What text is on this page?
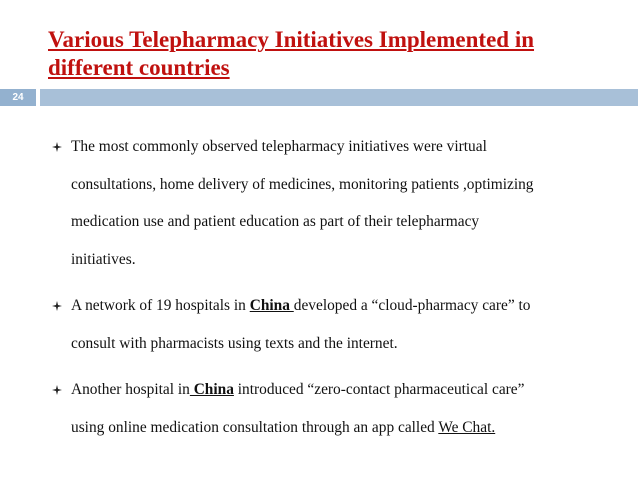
Various Telepharmacy Initiatives Implemented in
different countries
24

The most commonly observed telepharmacy initiatives were virtual

consultations, home delivery of medicines, monitoring patients ,optimizing

medication use and patient education as part of their telepharmacy

initiatives.

A network of 19 hospitals in China developed a “cloud-pharmacy care” to

consult with pharmacists using texts and the internet.

Another hospital in China introduced “zero-contact pharmaceutical care”

using online medication consultation through an app called We Chat.
